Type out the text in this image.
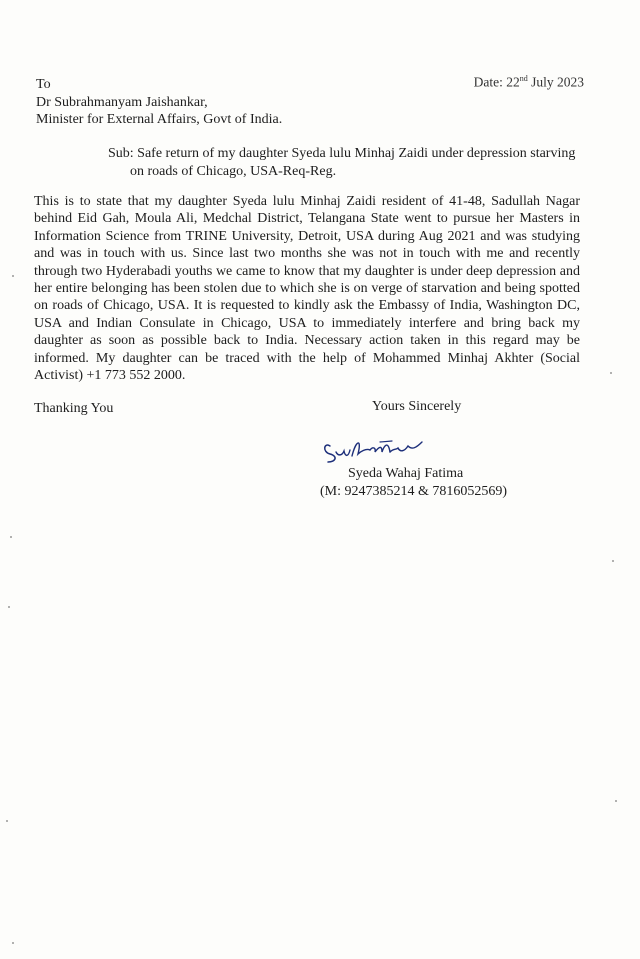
Date: 22nd July 2023
To
Dr Subrahmanyam Jaishankar,
Minister for External Affairs, Govt of India.
Sub: Safe return of my daughter Syeda lulu Minhaj Zaidi under depression starving
on roads of Chicago, USA-Req-Reg.
This is to state that my daughter Syeda lulu Minhaj Zaidi resident of 41-48, Sadullah Nagar behind Eid Gah, Moula Ali, Medchal District, Telangana State went to pursue her Masters in Information Science from TRINE University, Detroit, USA during Aug 2021 and was studying and was in touch with us. Since last two months she was not in touch with me and recently through two Hyderabadi youths we came to know that my daughter is under deep depression and her entire belonging has been stolen due to which she is on verge of starvation and being spotted on roads of Chicago, USA. It is requested to kindly ask the Embassy of India, Washington DC, USA and Indian Consulate in Chicago, USA to immediately interfere and bring back my daughter as soon as possible back to India. Necessary action taken in this regard may be informed. My daughter can be traced with the help of Mohammed Minhaj Akhter (Social Activist) +1 773 552 2000.
Thanking You	Yours Sincerely
Syeda Wahaj Fatima
(M: 9247385214 & 7816052569)
